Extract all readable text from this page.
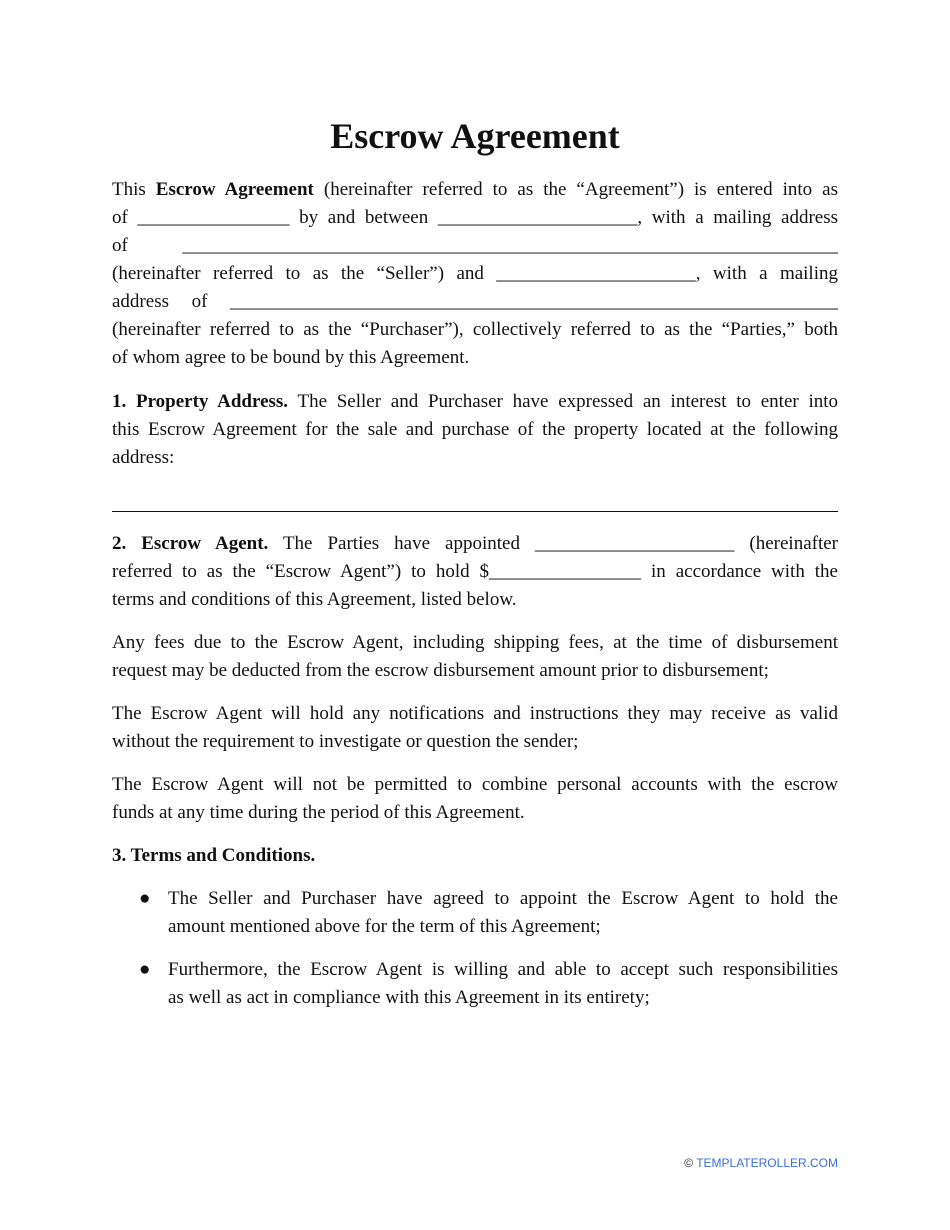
Escrow Agreement
This Escrow Agreement (hereinafter referred to as the “Agreement”) is entered into as
of ________________ by and between _____________________, with a mailing address
of  _____________________________________________________________________
(hereinafter  referred  to  as  the  “Seller”)  and  _____________________,  with  a  mailing
address of ________________________________________________________________
(hereinafter referred to as the “Purchaser”), collectively referred to as the “Parties,” both
of whom agree to be bound by this Agreement.
1. Property Address. The Seller and Purchaser have expressed an interest to enter into
this Escrow Agreement for the sale and purchase of the property located at the following
address:
2.  Escrow  Agent.  The  Parties  have  appointed  _____________________  (hereinafter
referred to as the “Escrow Agent”) to hold $________________ in accordance with the
terms and conditions of this Agreement, listed below.
Any fees due to the Escrow Agent, including shipping fees, at the time of disbursement
request may be deducted from the escrow disbursement amount prior to disbursement;
The Escrow Agent will hold any notifications and instructions they may receive as valid
without the requirement to investigate or question the sender;
The Escrow Agent will not be permitted to combine personal accounts with the escrow
funds at any time during the period of this Agreement.
3. Terms and Conditions.
● The Seller and Purchaser have agreed to appoint the Escrow Agent to hold the
amount mentioned above for the term of this Agreement;
● Furthermore, the Escrow Agent is willing and able to accept such responsibilities
as well as act in compliance with this Agreement in its entirety;
© TEMPLATEROLLER.COM
